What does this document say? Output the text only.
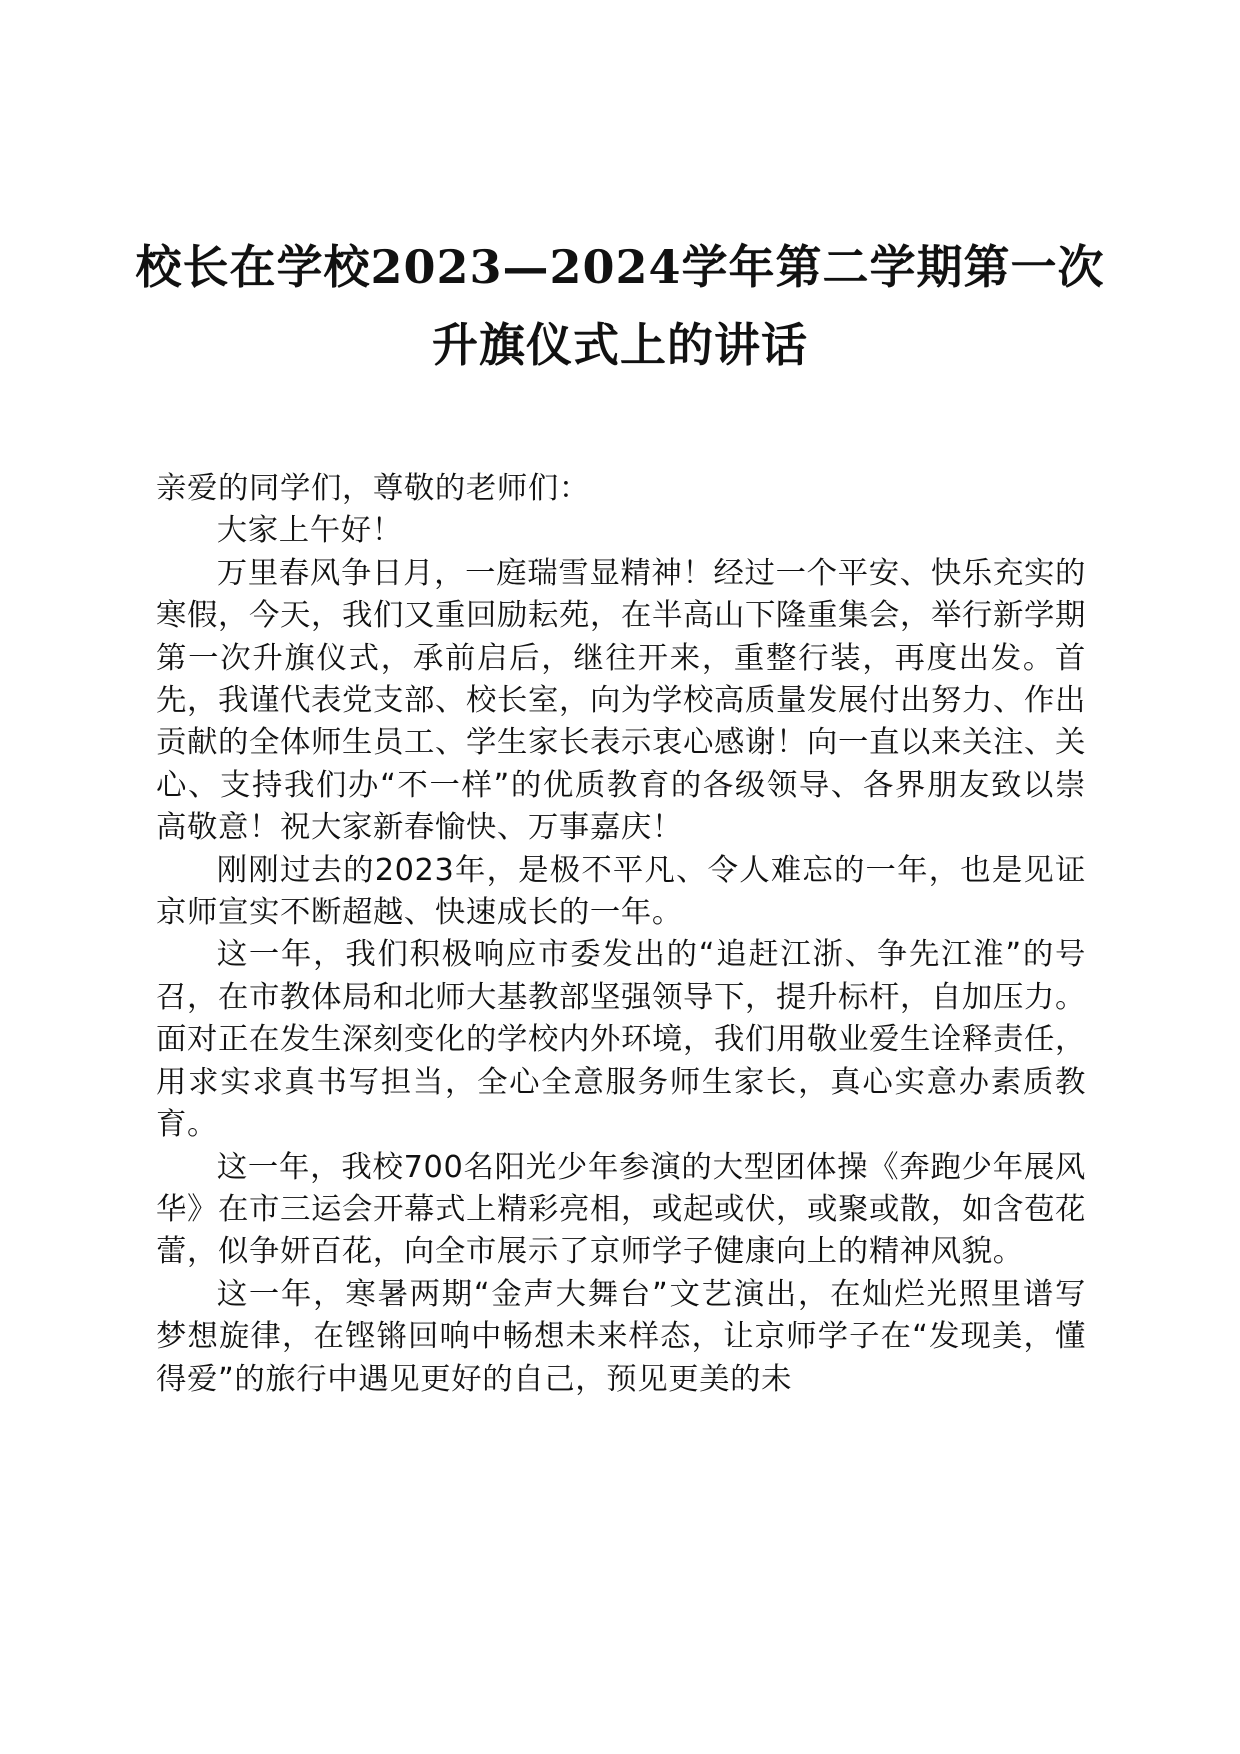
校长在学校2023—2024学年第二学期第一次
升旗仪式上的讲话

亲爱的同学们，尊敬的老师们：

大家上午好！

万里春风争日月，一庭瑞雪显精神！经过一个平安、快乐充实的寒假，今天，我们又重回励耘苑，在半高山下隆重集会，举行新学期第一次升旗仪式，承前启后，继往开来，重整行装，再度出发。首先，我谨代表党支部、校长室，向为学校高质量发展付出努力、作出贡献的全体师生员工、学生家长表示衷心感谢！向一直以来关注、关心、支持我们办“不一样”的优质教育的各级领导、各界朋友致以崇高敬意！祝大家新春愉快、万事嘉庆！

刚刚过去的2023年，是极不平凡、令人难忘的一年，也是见证京师宣实不断超越、快速成长的一年。

这一年，我们积极响应市委发出的“追赶江浙、争先江淮”的号召，在市教体局和北师大基教部坚强领导下，提升标杆，自加压力。面对正在发生深刻变化的学校内外环境，我们用敬业爱生诠释责任，用求实求真书写担当，全心全意服务师生家长，真心实意办素质教育。

这一年，我校700名阳光少年参演的大型团体操《奔跑少年展风华》在市三运会开幕式上精彩亮相，或起或伏，或聚或散，如含苞花蕾，似争妍百花，向全市展示了京师学子健康向上的精神风貌。

这一年，寒暑两期“金声大舞台”文艺演出，在灿烂光照里谱写梦想旋律，在铿锵回响中畅想未来样态，让京师学子在“发现美，懂得爱”的旅行中遇见更好的自己，预见更美的未
